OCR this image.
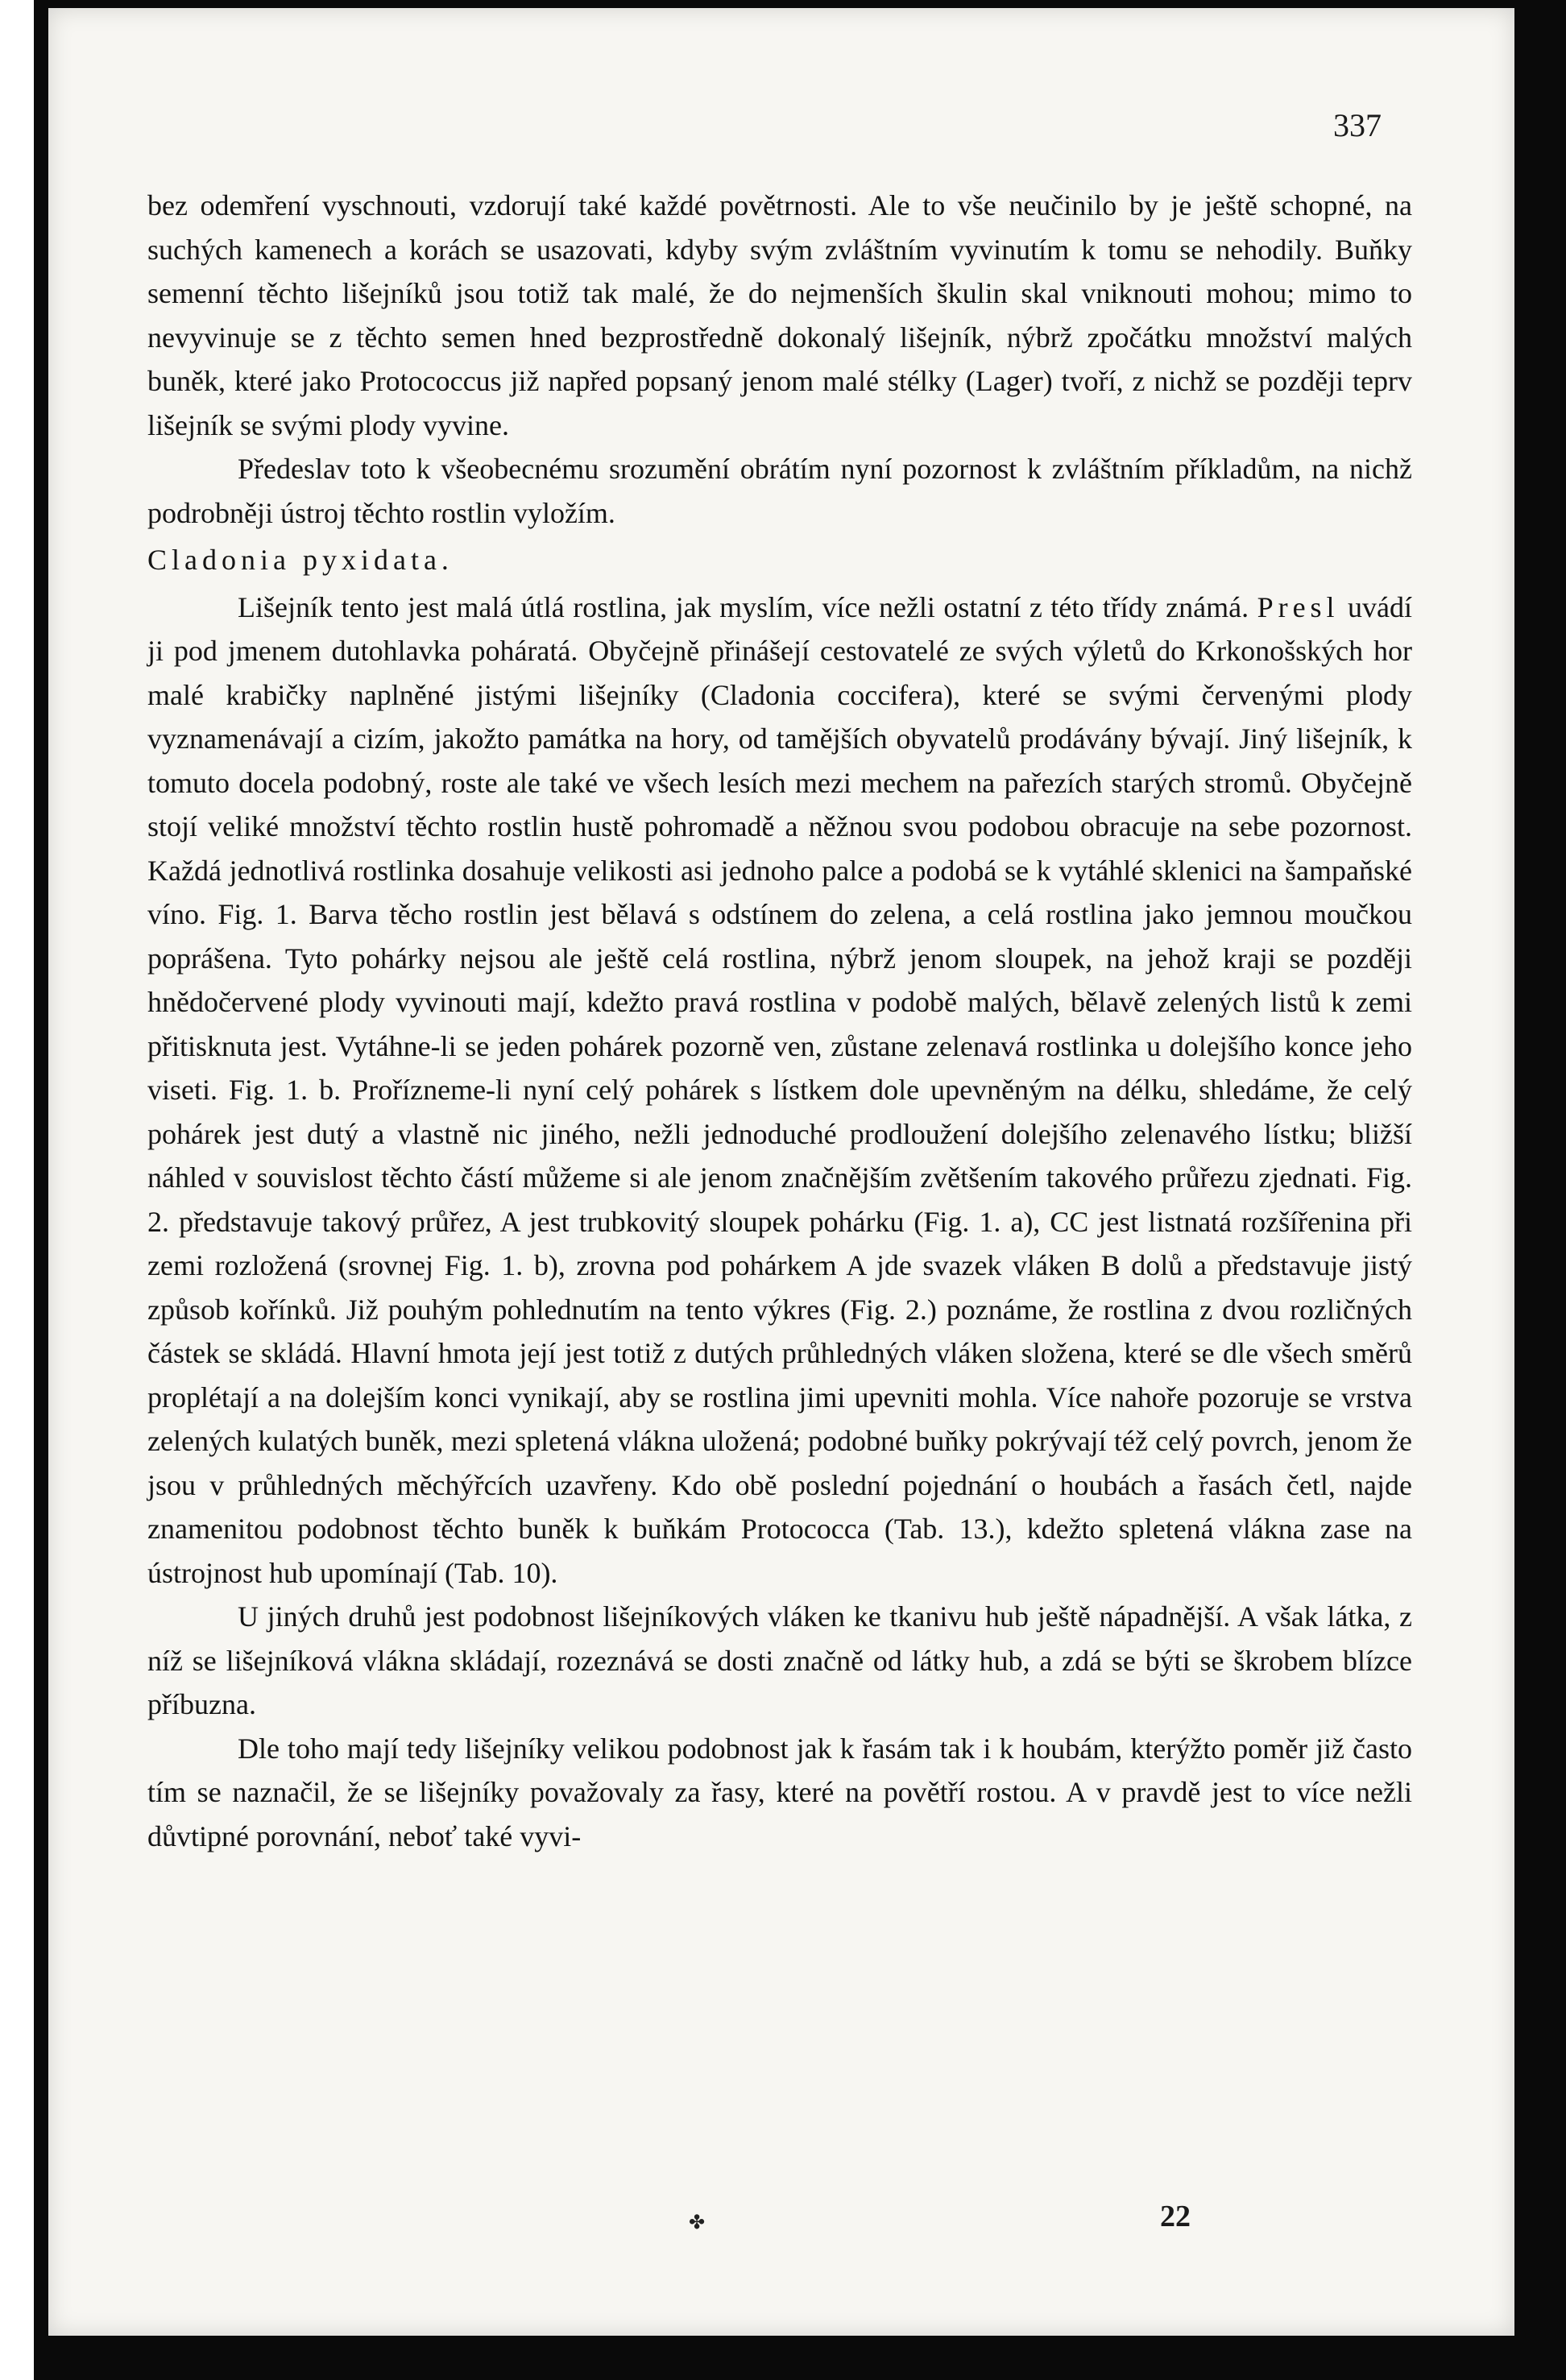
337

bez odemření vyschnouti, vzdorují také každé povětrnosti. Ale to vše neučinilo by je ještě schopné, na suchých kamenech a korách se usazovati, kdyby svým zvláštním vyvinutím k tomu se nehodily. Buňky semenní těchto lišejníků jsou totiž tak malé, že do nejmenších škulin skal vniknouti mohou; mimo to nevyvinuje se z těchto semen hned bezprostředně dokonalý lišejník, nýbrž zpočátku množství malých buněk, které jako Protococcus již napřed popsaný jenom malé stélky (Lager) tvoří, z nichž se později teprv lišejník se svými plody vyvine.

Předeslav toto k všeobecnému srozumění obrátím nyní pozornost k zvláštním příkladům, na nichž podrobněji ústroj těchto rostlin vyložím.

Cladonia pyxidata.

Lišejník tento jest malá útlá rostlina, jak myslím, více nežli ostatní z této třídy známá. Presl uvádí ji pod jmenem dutohlavka poháratá. Obyčejně přinášejí cestovatelé ze svých výletů do Krkonošských hor malé krabičky naplněné jistými lišejníky (Cladonia coccifera), které se svými červenými plody vyznamenávají a cizím, jakožto památka na hory, od tamějších obyvatelů prodávány bývají. Jiný lišejník, k tomuto docela podobný, roste ale také ve všech lesích mezi mechem na pařezích starých stromů. Obyčejně stojí veliké množství těchto rostlin hustě pohromadě a něžnou svou podobou obracuje na sebe pozornost. Každá jednotlivá rostlinka dosahuje velikosti asi jednoho palce a podobá se k vytáhlé sklenici na šampaňské víno. Fig. 1. Barva těcho rostlin jest bělavá s odstínem do zelena, a celá rostlina jako jemnou moučkou poprášena. Tyto pohárky nejsou ale ještě celá rostlina, nýbrž jenom sloupek, na jehož kraji se později hnědočervené plody vyvinouti mají, kdežto pravá rostlina v podobě malých, bělavě zelených listů k zemi přitisknuta jest. Vytáhne-li se jeden pohárek pozorně ven, zůstane zelenavá rostlinka u dolejšího konce jeho viseti. Fig. 1. b. Prořízneme-li nyní celý pohárek s lístkem dole upevněným na délku, shledáme, že celý pohárek jest dutý a vlastně nic jiného, nežli jednoduché prodloužení dolejšího zelenavého lístku; bližší náhled v souvislost těchto částí můžeme si ale jenom značnějším zvětšením takového průřezu zjednati. Fig. 2. představuje takový průřez, A jest trubkovitý sloupek pohárku (Fig. 1. a), CC jest listnatá rozšířenina při zemi rozložená (srovnej Fig. 1. b), zrovna pod pohárkem A jde svazek vláken B dolů a představuje jistý způsob kořínků. Již pouhým pohlednutím na tento výkres (Fig. 2.) poznáme, že rostlina z dvou rozličných částek se skládá. Hlavní hmota její jest totiž z dutých průhledných vláken složena, které se dle všech směrů proplétají a na dolejším konci vynikají, aby se rostlina jimi upevniti mohla. Více nahoře pozoruje se vrstva zelených kulatých buněk, mezi spletená vlákna uložená; podobné buňky pokrývají též celý povrch, jenom že jsou v průhledných měchýřcích uzavřeny. Kdo obě poslední pojednání o houbách a řasách četl, najde znamenitou podobnost těchto buněk k buňkám Protococca (Tab. 13.), kdežto spletená vlákna zase na ústrojnost hub upomínají (Tab. 10).

U jiných druhů jest podobnost lišejníkových vláken ke tkanivu hub ještě nápadnější. A však látka, z níž se lišejníková vlákna skládají, rozeznává se dosti značně od látky hub, a zdá se býti se škrobem blízce příbuzna.

Dle toho mají tedy lišejníky velikou podobnost jak k řasám tak i k houbám, kterýžto poměr již často tím se naznačil, že se lišejníky považovaly za řasy, které na povětří rostou. A v pravdě jest to více nežli důvtipné porovnání, neboť také vyvi-

✤	22
